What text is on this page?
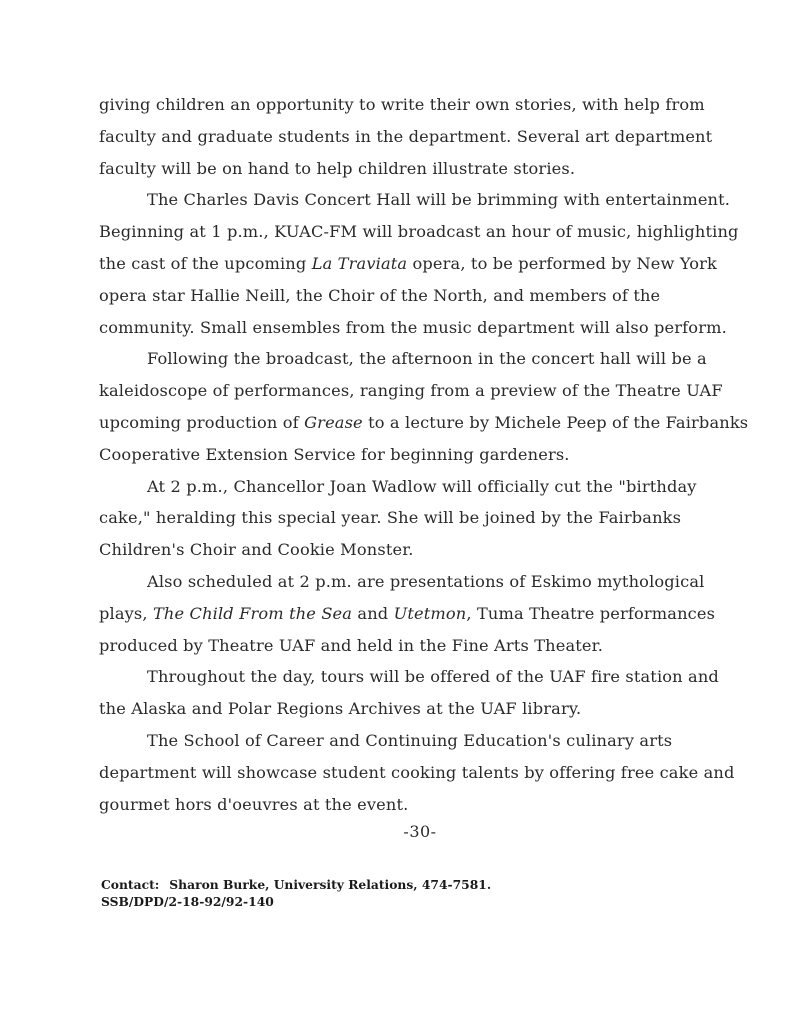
giving children an opportunity to write their own stories, with help from faculty and graduate students in the department. Several art department faculty will be on hand to help children illustrate stories.

The Charles Davis Concert Hall will be brimming with entertainment. Beginning at 1 p.m., KUAC-FM will broadcast an hour of music, highlighting the cast of the upcoming La Traviata opera, to be performed by New York opera star Hallie Neill, the Choir of the North, and members of the community. Small ensembles from the music department will also perform.

Following the broadcast, the afternoon in the concert hall will be a kaleidoscope of performances, ranging from a preview of the Theatre UAF upcoming production of Grease to a lecture by Michele Peep of the Fairbanks Cooperative Extension Service for beginning gardeners.

At 2 p.m., Chancellor Joan Wadlow will officially cut the "birthday cake," heralding this special year. She will be joined by the Fairbanks Children's Choir and Cookie Monster.

Also scheduled at 2 p.m. are presentations of Eskimo mythological plays, The Child From the Sea and Utetmon, Tuma Theatre performances produced by Theatre UAF and held in the Fine Arts Theater.

Throughout the day, tours will be offered of the UAF fire station and the Alaska and Polar Regions Archives at the UAF library.

The School of Career and Continuing Education's culinary arts department will showcase student cooking talents by offering free cake and gourmet hors d'oeuvres at the event.

-30-
Contact: Sharon Burke, University Relations, 474-7581.
SSB/DPD/2-18-92/92-140
